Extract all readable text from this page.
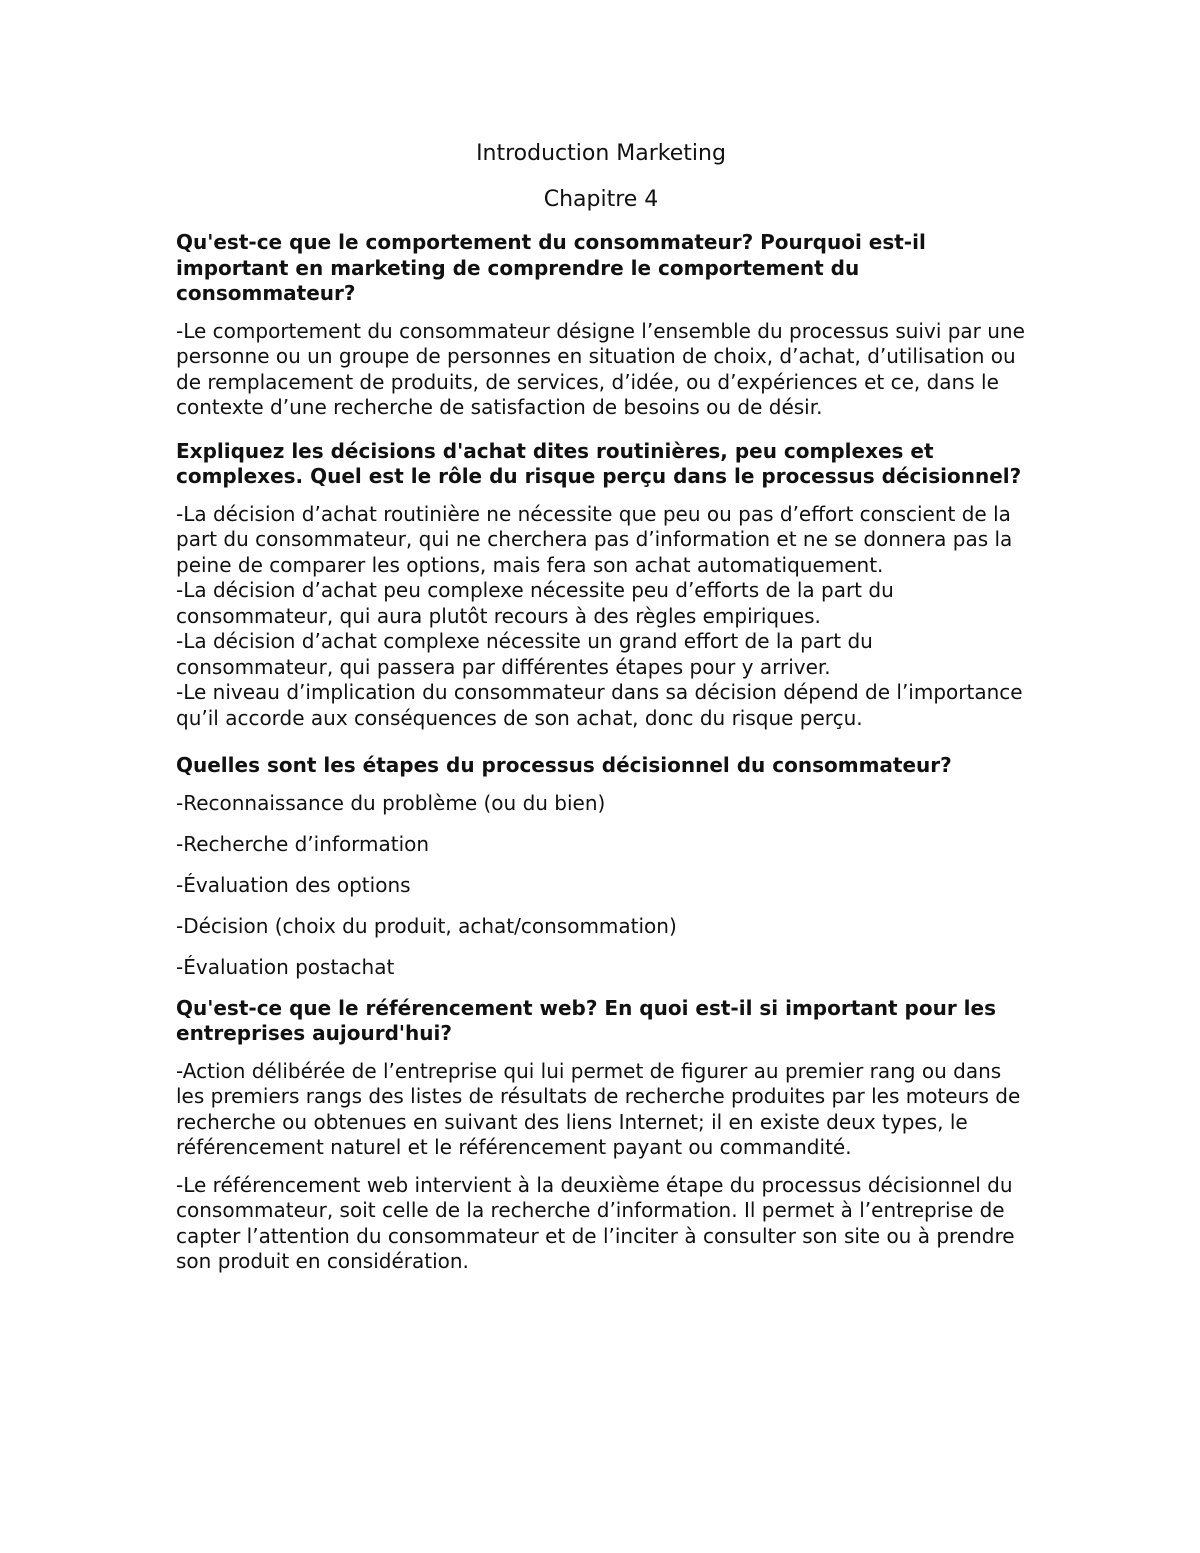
Introduction Marketing
Chapitre 4
Qu'est-ce que le comportement du consommateur? Pourquoi est-il important en marketing de comprendre le comportement du consommateur?
-Le comportement du consommateur désigne l’ensemble du processus suivi par une personne ou un groupe de personnes en situation de choix, d’achat, d’utilisation ou de remplacement de produits, de services, d’idée, ou d’expériences et ce, dans le contexte d’une recherche de satisfaction de besoins ou de désir.
Expliquez les décisions d'achat dites routinières, peu complexes et complexes. Quel est le rôle du risque perçu dans le processus décisionnel?
-La décision d’achat routinière ne nécessite que peu ou pas d’effort conscient de la part du consommateur, qui ne cherchera pas d’information et ne se donnera pas la peine de comparer les options, mais fera son achat automatiquement.
-La décision d’achat peu complexe nécessite peu d’efforts de la part du consommateur, qui aura plutôt recours à des règles empiriques.
-La décision d’achat complexe nécessite un grand effort de la part du consommateur, qui passera par différentes étapes pour y arriver.
-Le niveau d’implication du consommateur dans sa décision dépend de l’importance qu’il accorde aux conséquences de son achat, donc du risque perçu.
Quelles sont les étapes du processus décisionnel du consommateur?
-Reconnaissance du problème (ou du bien)
-Recherche d’information
-Évaluation des options
-Décision (choix du produit, achat/consommation)
-Évaluation postachat
Qu'est-ce que le référencement web? En quoi est-il si important pour les entreprises aujourd'hui?
-Action délibérée de l’entreprise qui lui permet de figurer au premier rang ou dans les premiers rangs des listes de résultats de recherche produites par les moteurs de recherche ou obtenues en suivant des liens Internet; il en existe deux types, le référencement naturel et le référencement payant ou commandité.
-Le référencement web intervient à la deuxième étape du processus décisionnel du consommateur, soit celle de la recherche d’information. Il permet à l’entreprise de capter l’attention du consommateur et de l’inciter à consulter son site ou à prendre son produit en considération.
